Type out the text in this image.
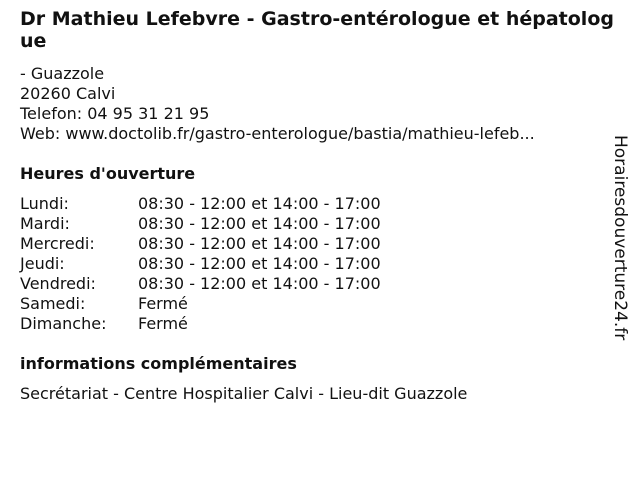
Dr Mathieu Lefebvre - Gastro-entérologue et hépatologue
- Guazzole
20260 Calvi
Telefon: 04 95 31 21 95
Web: www.doctolib.fr/gastro-enterologue/bastia/mathieu-lefeb...
Heures d'ouverture
Lundi:	08:30 - 12:00 et 14:00 - 17:00
Mardi:	08:30 - 12:00 et 14:00 - 17:00
Mercredi:	08:30 - 12:00 et 14:00 - 17:00
Jeudi:	08:30 - 12:00 et 14:00 - 17:00
Vendredi:	08:30 - 12:00 et 14:00 - 17:00
Samedi:	Fermé
Dimanche:	Fermé
informations complémentaires
Secrétariat - Centre Hospitalier Calvi - Lieu-dit Guazzole
Horairesdouverture24.fr
